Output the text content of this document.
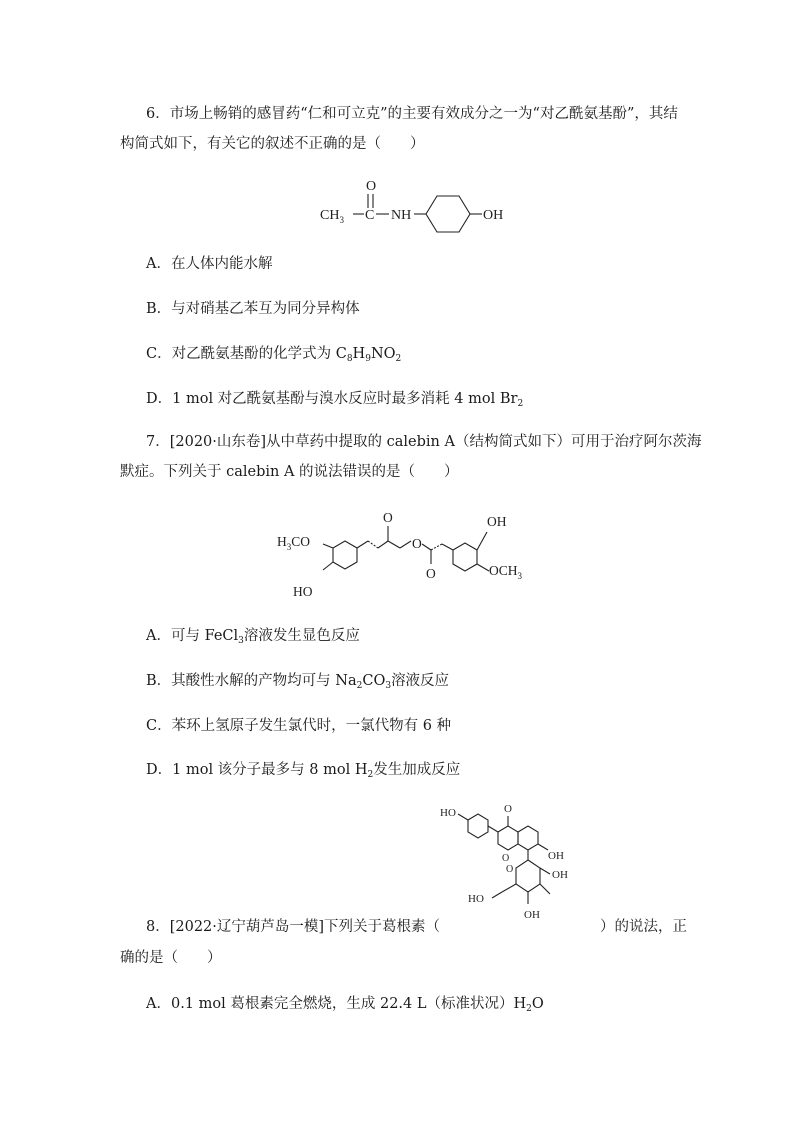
6．市场上畅销的感冒药“仁和可立克”的主要有效成分之一为“对乙酰氨基酚”，其结
构简式如下，有关它的叙述不正确的是（　　）
O
$CH_3$ C NH	OH
A．在人体内能水解
B．与对硝基乙苯互为同分异构体
C．对乙酰氨基酚的化学式为 $C_8H_9NO_2$
D．1 mol 对乙酰氨基酚与溴水反应时最多消耗 4 mol $Br_2$
7．[2020·山东卷]从中草药中提取的 calebin A（结构简式如下）可用于治疗阿尔茨海
默症。下列关于 calebin A 的说法错误的是（　　）
$H_3CO$
HO
O
O
O
OH
$OCH_3$
A．可与 FeCl$_3$溶液发生显色反应
B．其酸性水解的产物均可与 $Na_2CO_3$溶液反应
C．苯环上氢原子发生氯代时，一氯代物有 6 种
D．1 mol 该分子最多与 8 mol $H_2$发生加成反应
HO	O
O	OH
O
HO
OH
OH
8．[2022·辽宁葫芦岛一模]下列关于葛根素（	）的说法，正
确的是（　　）
A．0.1 mol 葛根素完全燃烧，生成 22.4 L（标准状况）$H_2O$
